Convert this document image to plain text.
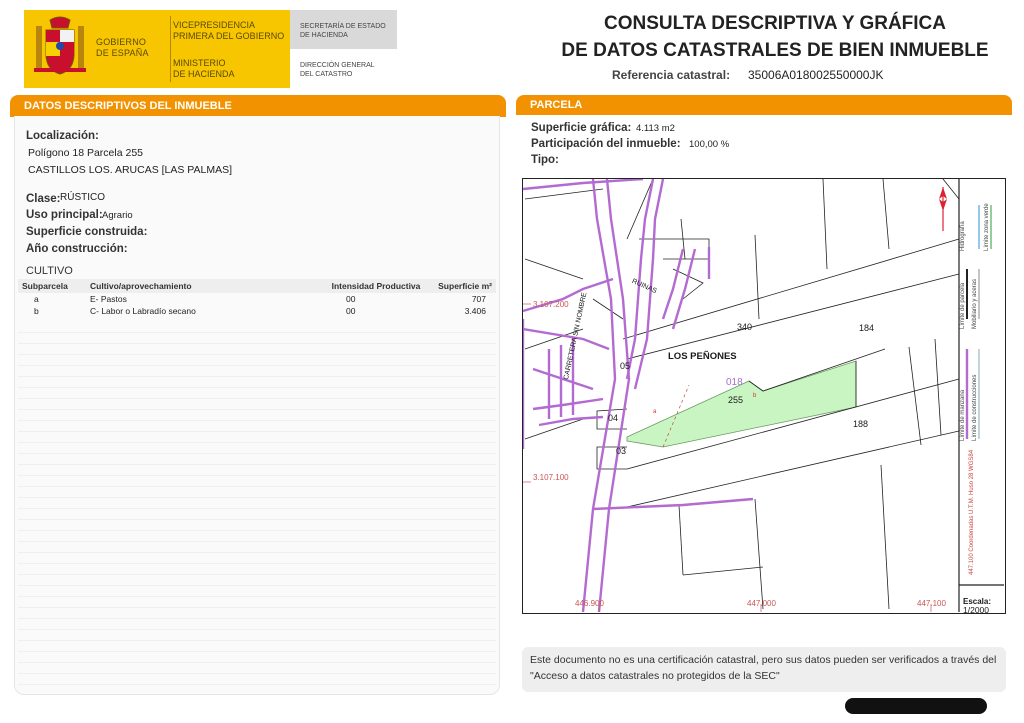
GOBIERNO
DE ESPAÑA
VICEPRESIDENCIA
PRIMERA DEL GOBIERNO
MINISTERIO
DE HACIENDA
SECRETARÍA DE ESTADO
DE HACIENDA
DIRECCIÓN GENERAL
DEL CATASTRO
CONSULTA DESCRIPTIVA Y GRÁFICA
DE DATOS CATASTRALES DE BIEN INMUEBLE
Referencia catastral: 35006A018002550000JK
DATOS DESCRIPTIVOS DEL INMUEBLE
Localización:
Polígono 18 Parcela 255
CASTILLOS LOS. ARUCAS [LAS PALMAS]
Clase: RÚSTICO
Uso principal: Agrario
Superficie construida:
Año construcción:
CULTIVO
Subparcela	Cultivo/aprovechamiento	Intensidad Productiva	Superficie m²
a	E- Pastos	00	707
b	C- Labor o Labradío secano	00	3.406
PARCELA
Superficie gráfica: 4.113 m2
Participación del inmueble: 100,00 %
Tipo:
LOS PEÑONES
018
255
a
b
340	184
05
04
03
188
CARRETERA SIN NOMBRE
RUINAS
3.107.200
3.107.100
446.900	447.000	447.100
447.100 Coordenadas U.T.M. Huso 28 WGS84
Límite de parcela
Hidrografía	Límite zona verde
Mobiliario y aceras
Límite de manzana Límite de construcciones
Escala:
1/2000
Este documento no es una certificación catastral, pero sus datos pueden ser verificados a través del "Acceso a datos catastrales no protegidos de la SEC"
